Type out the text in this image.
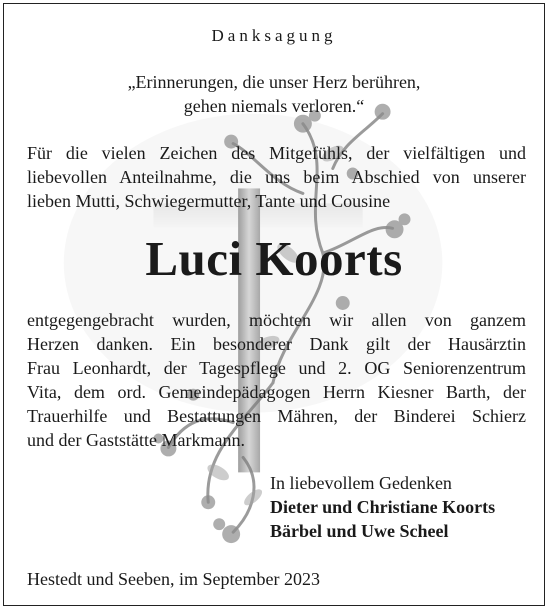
Danksagung
„Erinnerungen, die unser Herz berühren,
gehen niemals verloren.“
Für die vielen Zeichen des Mitgefühls, der vielfältigen und
liebevollen Anteilnahme, die uns beim Abschied von unserer
lieben Mutti, Schwiegermutter, Tante und Cousine
Luci Koorts
entgegengebracht wurden, möchten wir allen von ganzem
Herzen danken. Ein besonderer Dank gilt der Hausärztin
Frau Leonhardt, der Tagespflege und 2. OG Seniorenzentrum
Vita, dem ord. Gemeindepädagogen Herrn Kiesner Barth, der
Trauerhilfe und Bestattungen Mähren, der Binderei Schierz
und der Gaststätte Markmann.
In liebevollem Gedenken
Dieter und Christiane Koorts
Bärbel und Uwe Scheel
Hestedt und Seeben, im September 2023
